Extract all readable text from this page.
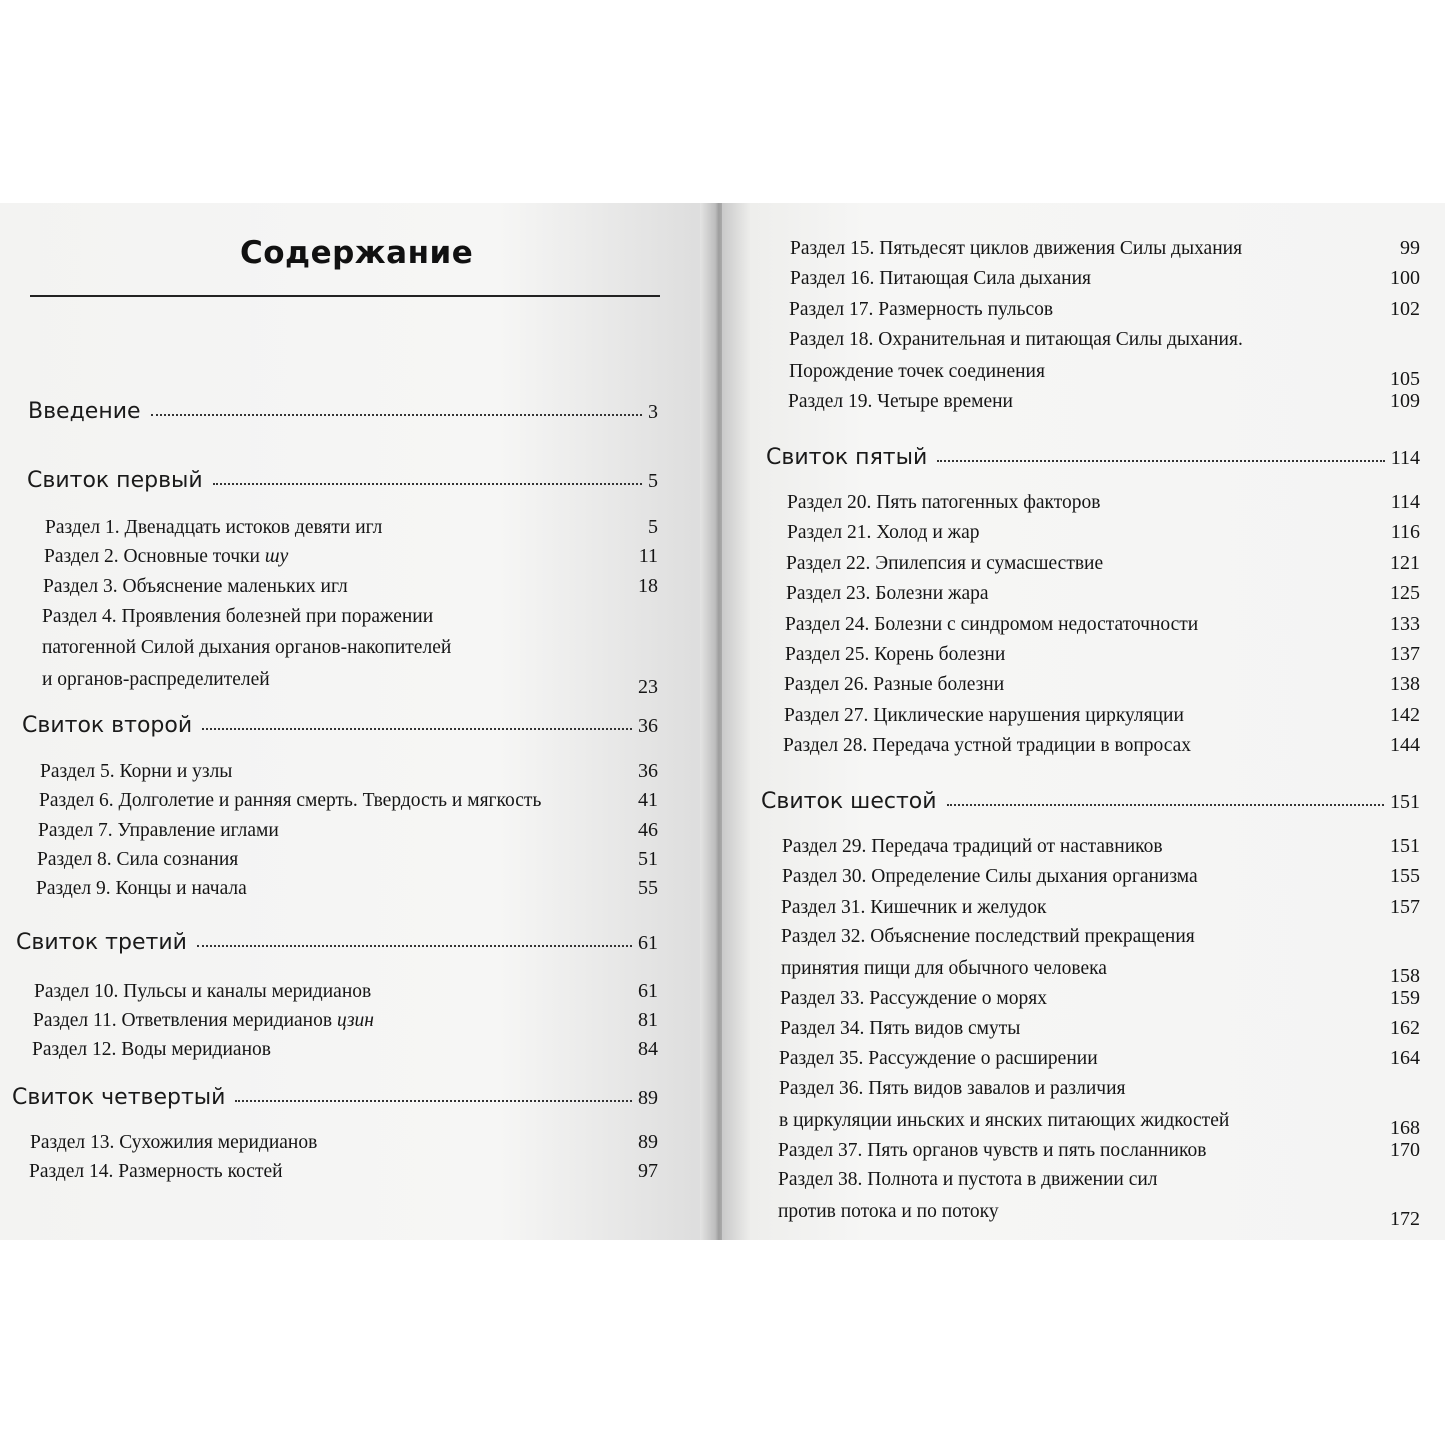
Содержание
Введение	3
Свиток первый	5
Раздел 1. Двенадцать истоков девяти игл	5
Раздел 2. Основные точки шу	11
Раздел 3. Объяснение маленьких игл	18
Раздел 4. Проявления болезней при поражении
патогенной Силой дыхания органов-накопителей
и органов-распределителей	23
Свиток второй	36
Раздел 5. Корни и узлы	36
Раздел 6. Долголетие и ранняя смерть. Твердость и мягкость	41
Раздел 7. Управление иглами	46
Раздел 8. Сила сознания	51
Раздел 9. Концы и начала	55
Свиток третий	61
Раздел 10. Пульсы и каналы меридианов	61
Раздел 11. Ответвления меридианов цзин	81
Раздел 12. Воды меридианов	84
Свиток четвертый	89
Раздел 13. Сухожилия меридианов	89
Раздел 14. Размерность костей	97
Раздел 15. Пятьдесят циклов движения Силы дыхания	99
Раздел 16. Питающая Сила дыхания	100
Раздел 17. Размерность пульсов	102
Раздел 18. Охранительная и питающая Силы дыхания.
Порождение точек соединения	105
Раздел 19. Четыре времени	109
Свиток пятый	114
Раздел 20. Пять патогенных факторов	114
Раздел 21. Холод и жар	116
Раздел 22. Эпилепсия и сумасшествие	121
Раздел 23. Болезни жара	125
Раздел 24. Болезни с синдромом недостаточности	133
Раздел 25. Корень болезни	137
Раздел 26. Разные болезни	138
Раздел 27. Циклические нарушения циркуляции	142
Раздел 28. Передача устной традиции в вопросах	144
Свиток шестой	151
Раздел 29. Передача традиций от наставников	151
Раздел 30. Определение Силы дыхания организма	155
Раздел 31. Кишечник и желудок	157
Раздел 32. Объяснение последствий прекращения
принятия пищи для обычного человека	158
Раздел 33. Рассуждение о морях	159
Раздел 34. Пять видов смуты	162
Раздел 35. Рассуждение о расширении	164
Раздел 36. Пять видов завалов и различия
в циркуляции иньских и янских питающих жидкостей	168
Раздел 37. Пять органов чувств и пять посланников	170
Раздел 38. Полнота и пустота в движении сил
против потока и по потоку	172
